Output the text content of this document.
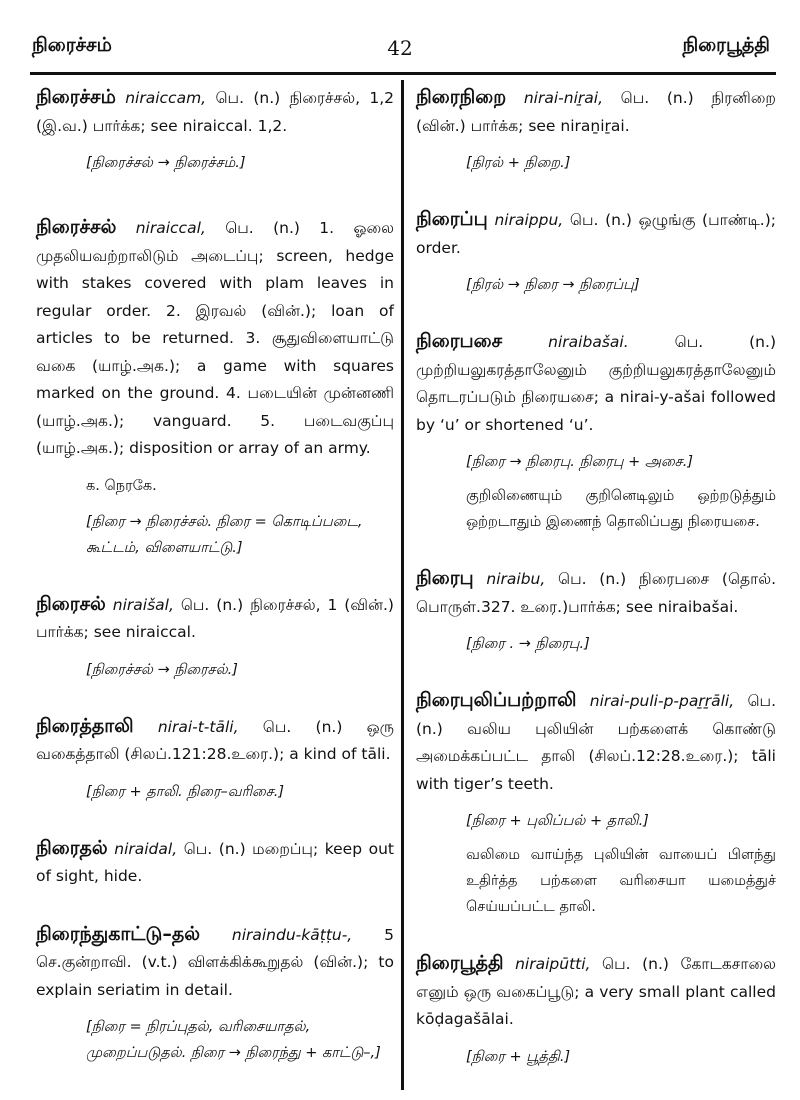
நிரைச்சம்	42	நிரைபூத்தி

நிரைச்சம் niraiccam, பெ. (n.) நிரைச்சல், 1,2 (இ.வ.) பார்க்க; see niraiccal. 1,2.

[நிரைச்சல் → நிரைச்சம்.]

நிரைச்சல் niraiccal, பெ. (n.) 1. ஓலை முதலியவற்றாலிடும் அடைப்பு; screen, hedge with stakes covered with plam leaves in regular order. 2. இரவல் (வின்.); loan of articles to be returned. 3. சூதுவிளையாட்டு வகை (யாழ்.அக.); a game with squares marked on the ground. 4. படையின் முன்னணி (யாழ்.அக.); vanguard. 5. படைவகுப்பு (யாழ்.அக.); disposition or array of an army.

க. நெரகே.
[நிரை → நிரைச்சல். நிரை = கொடிப்படை, கூட்டம், விளையாட்டு.]

நிரைசல் niraišal, பெ. (n.) நிரைச்சல், 1 (வின்.) பார்க்க; see niraiccal.

[நிரைச்சல் → நிரைசல்.]

நிரைத்தாலி nirai-t-tāli, பெ. (n.) ஒரு வகைத்தாலி (சிலப்.121:28.உரை.); a kind of tāli.

[நிரை + தாலி. நிரை–வரிசை.]

நிரைதல் niraidal, பெ. (n.) மறைப்பு; keep out of sight, hide.

நிரைந்துகாட்டு–தல் niraindu-kāṭṭu-, 5 செ.குன்றாவி. (v.t.) விளக்கிக்கூறுதல் (வின்.); to explain seriatim in detail.

[நிரை = நிரப்புதல், வரிசையாதல், முறைப்படுதல். நிரை → நிரைந்து + காட்டு–,]

நிரைநிறை nirai-niṟai, பெ. (n.) நிரனிறை (வின்.) பார்க்க; see niraṉiṟai.

[நிரல் + நிறை.]

நிரைப்பு niraippu, பெ. (n.) ஒழுங்கு (பாண்டி.); order.

[நிரல் → நிரை → நிரைப்பு]

நிரைபசை	niraibašai.	பெ. (n.) முற்றியலுகரத்தாலேனும் குற்றியலுகரத்தாலேனும் தொடரப்படும் நிரையசை; a nirai-y-ašai followed by ‘u’ or shortened ‘u’.

[நிரை → நிரைபு. நிரைபு + அசை.]
குறிலிணையும் குறினெடிலும் ஒற்றடுத்தும் ஒற்றடாதும் இணைந் தொலிப்பது நிரையசை.

நிரைபு niraibu, பெ. (n.) நிரைபசை (தொல். பொருள்.327. உரை.)பார்க்க; see niraibašai.

[நிரை . → நிரைபு.]

நிரைபுலிப்பற்றாலி nirai-puli-p-paṟṟāli, பெ. (n.) வலிய புலியின் பற்களைக் கொண்டு அமைக்கப்பட்ட தாலி (சிலப்.12:28.உரை.); tāli with tiger’s teeth.

[நிரை + புலிப்பல் + தாலி.]
வலிமை வாய்ந்த புலியின் வாயைப் பிளந்து உதிர்த்த பற்களை வரிசையா யமைத்துச் செய்யப்பட்ட தாலி.

நிரைபூத்தி niraipūtti, பெ. (n.) கோடகசாலை எனும் ஒரு வகைப்பூடு; a very small plant called kōḍagašālai.

[நிரை + பூத்தி.]
